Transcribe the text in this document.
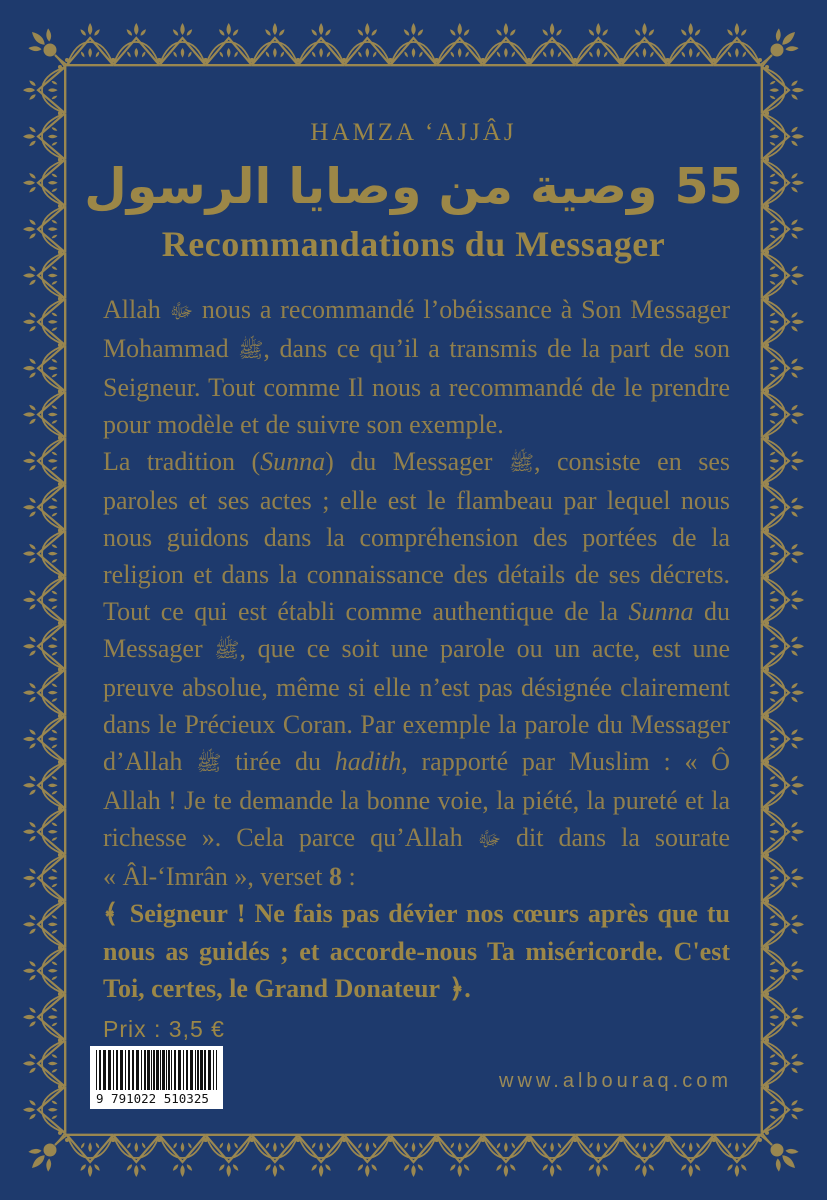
HAMZA ‘AJJÂJ
55 وصية من وصايا الرسول
Recommandations du Messager

Allah ﷻ nous a recommandé l’obéissance à Son Messager Mohammad ﷺ, dans ce qu’il a transmis de la part de son Seigneur. Tout comme Il nous a recommandé de le prendre pour modèle et de suivre son exemple.

La tradition (Sunna) du Messager ﷺ, consiste en ses paroles et ses actes ; elle est le flambeau par lequel nous nous guidons dans la compréhension des portées de la religion et dans la connaissance des détails de ses décrets. Tout ce qui est établi comme authentique de la Sunna du Messager ﷺ, que ce soit une parole ou un acte, est une preuve absolue, même si elle n’est pas désignée clairement dans le Précieux Coran. Par exemple la parole du Messager d’Allah ﷺ tirée du hadith, rapporté par Muslim : « Ô Allah ! Je te demande la bonne voie, la piété, la pureté et la richesse ». Cela parce qu’Allah ﷻ dit dans la sourate « Âl-‘Imrân », verset 8 :

﴾ Seigneur ! Ne fais pas dévier nos cœurs après que tu nous as guidés ; et accorde-nous Ta miséricorde. C'est Toi, certes, le Grand Donateur ﴿.

Prix : 3,5 €
9 791022 510325
www.albouraq.com
